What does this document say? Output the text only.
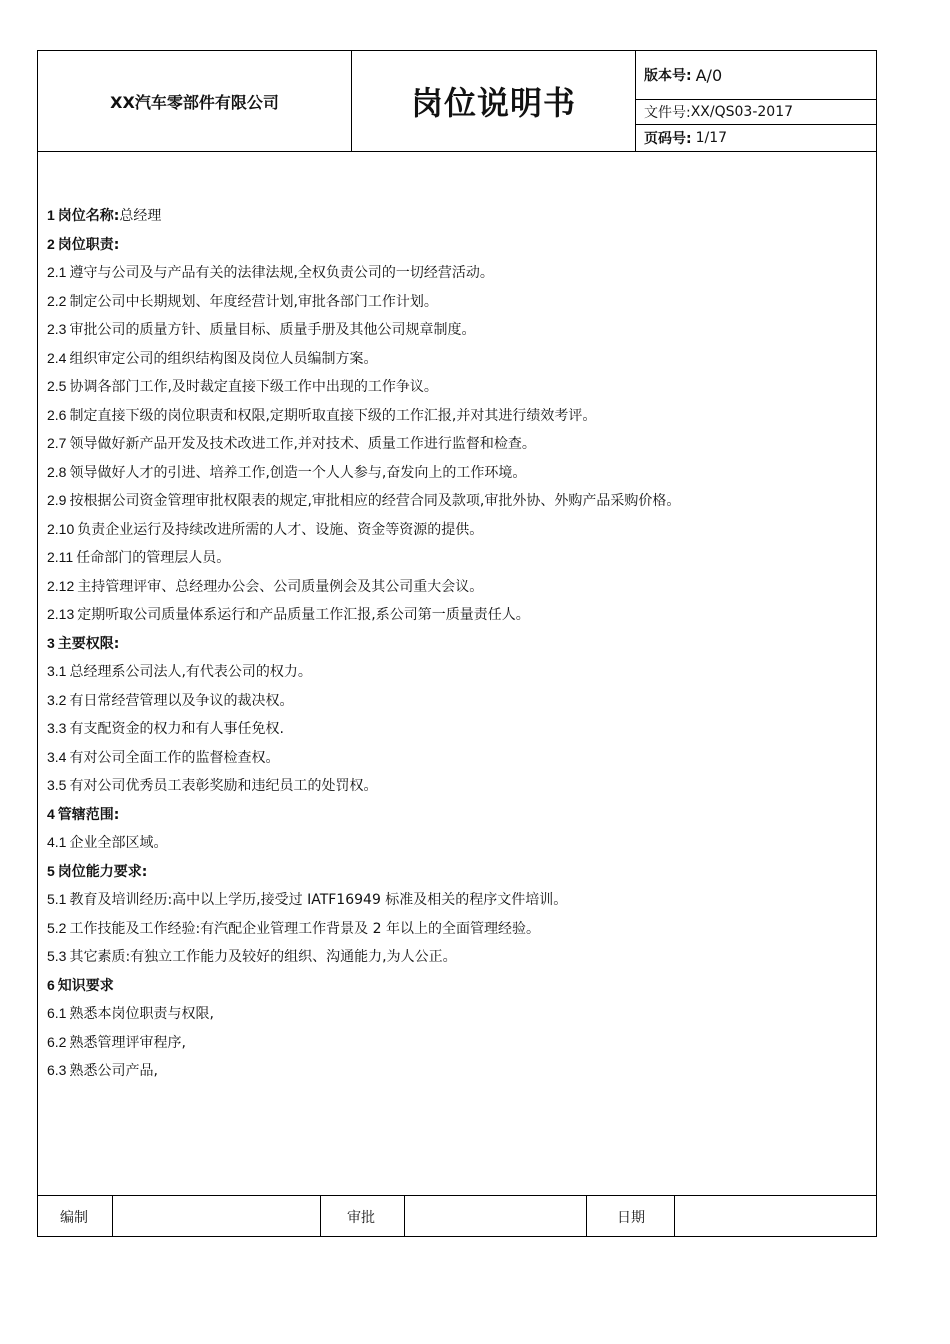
XX汽车零部件有限公司	岗位说明书
版本号: A/0
文件号: XX/QS03-2017
页码号: 1/17
1 岗位名称:总经理
2 岗位职责:
2.1 遵守与公司及与产品有关的法律法规,全权负责公司的一切经营活动。
2.2 制定公司中长期规划、年度经营计划,审批各部门工作计划。
2.3 审批公司的质量方针、质量目标、质量手册及其他公司规章制度。
2.4 组织审定公司的组织结构图及岗位人员编制方案。
2.5 协调各部门工作,及时裁定直接下级工作中出现的工作争议。
2.6 制定直接下级的岗位职责和权限,定期听取直接下级的工作汇报,并对其进行绩效考评。
2.7 领导做好新产品开发及技术改进工作,并对技术、质量工作进行监督和检查。
2.8 领导做好人才的引进、培养工作,创造一个人人参与,奋发向上的工作环境。
2.9 按根据公司资金管理审批权限表的规定,审批相应的经营合同及款项,审批外协、外购产品采购价格。
2.10 负责企业运行及持续改进所需的人才、设施、资金等资源的提供。
2.11 任命部门的管理层人员。
2.12 主持管理评审、总经理办公会、公司质量例会及其公司重大会议。
2.13 定期听取公司质量体系运行和产品质量工作汇报,系公司第一质量责任人。
3 主要权限:
3.1 总经理系公司法人,有代表公司的权力。
3.2 有日常经营管理以及争议的裁决权。
3.3 有支配资金的权力和有人事任免权.
3.4 有对公司全面工作的监督检查权。
3.5 有对公司优秀员工表彰奖励和违纪员工的处罚权。
4 管辖范围:
4.1 企业全部区域。
5 岗位能力要求:
5.1 教育及培训经历:高中以上学历,接受过 IATF16949 标准及相关的程序文件培训。
5.2 工作技能及工作经验:有汽配企业管理工作背景及 2 年以上的全面管理经验。
5.3 其它素质:有独立工作能力及较好的组织、沟通能力,为人公正。
6 知识要求
6.1 熟悉本岗位职责与权限,
6.2 熟悉管理评审程序,
6.3 熟悉公司产品,
编制	审批	日期
